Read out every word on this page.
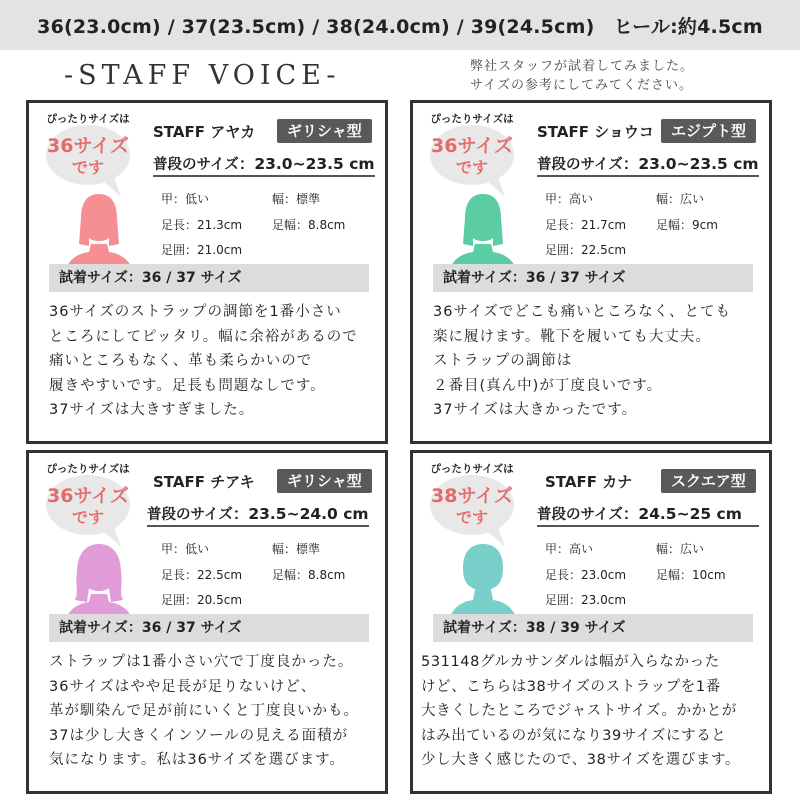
36(23.0cm) / 37(23.5cm) / 38(24.0cm) / 39(24.5cm)　ヒール:約4.5cm
-STAFF VOICE-	弊社スタッフが試着してみました。
サイズの参考にしてみてください。
ぴったりサイズは
36サイズ
です
STAFF アヤカ	ギリシャ型
普段のサイズ：23.0~23.5 cm
甲：低い	幅：標準
足長：21.3cm 足幅：8.8cm
足囲：21.0cm
試着サイズ：36 / 37 サイズ
36サイズのストラップの調節を1番小さい
ところにしてピッタリ。幅に余裕があるので
痛いところもなく、革も柔らかいので
履きやすいです。足長も問題なしです。
37サイズは大きすぎました。
ぴったりサイズは
36サイズ
です
STAFF ショウコ	エジプト型
普段のサイズ：23.0~23.5 cm
甲：高い	幅：広い
足長：21.7cm 足幅：9cm
足囲：22.5cm
試着サイズ：36 / 37 サイズ
36サイズでどこも痛いところなく、とても
楽に履けます。靴下を履いても大丈夫。
ストラップの調節は
２番目(真ん中)が丁度良いです。
37サイズは大きかったです。
ぴったりサイズは
36サイズ
です
STAFF チアキ	ギリシャ型
普段のサイズ：23.5~24.0 cm
甲：低い	幅：標準
足長：22.5cm 足幅：8.8cm
足囲：20.5cm
試着サイズ：36 / 37 サイズ
ストラップは1番小さい穴で丁度良かった。
36サイズはやや足長が足りないけど、
革が馴染んで足が前にいくと丁度良いかも。
37は少し大きくインソールの見える面積が
気になります。私は36サイズを選びます。
ぴったりサイズは
38サイズ
です
STAFF カナ	スクエア型
普段のサイズ：24.5~25 cm
甲：高い	幅：広い
足長：23.0cm 足幅：10cm
足囲：23.0cm
試着サイズ：38 / 39 サイズ
531148グルカサンダルは幅が入らなかった
けど、こちらは38サイズのストラップを1番
大きくしたところでジャストサイズ。かかとが
はみ出ているのが気になり39サイズにすると
少し大きく感じたので、38サイズを選びます。
